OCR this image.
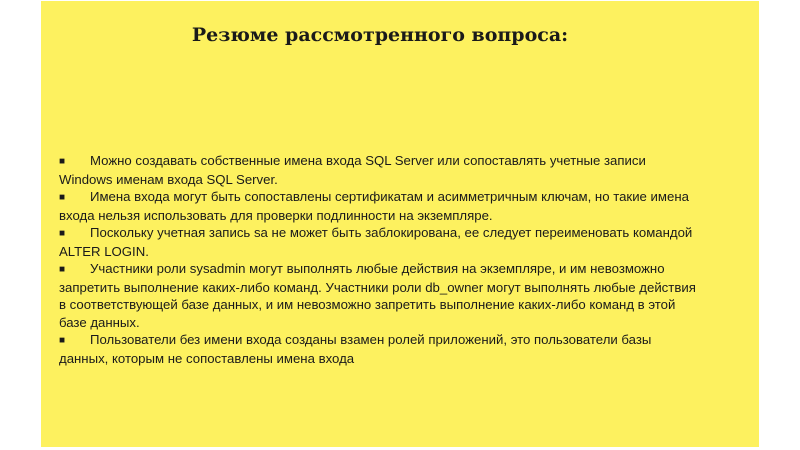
Резюме рассмотренного вопроса:

■ Можно создавать собственные имена входа SQL Server или сопоставлять учетные записи Windows именам входа SQL Server.

■ Имена входа могут быть сопоставлены сертификатам и асимметричным ключам, но такие имена входа нельзя использовать для проверки подлинности на экземпляре.

■ Поскольку учетная запись sa не может быть заблокирована, ее следует переименовать командой ALTER LOGIN.

■ Участники роли sysadmin могут выполнять любые действия на экземпляре, и им невозможно запретить выполнение каких-либо команд. Участники роли db_owner могут выполнять любые действия в соответствующей базе данных, и им невозможно запретить выполнение каких-либо команд в этой базе данных.

■ Пользователи без имени входа созданы взамен ролей приложений, это пользователи базы данных, которым не сопоставлены имена входа
